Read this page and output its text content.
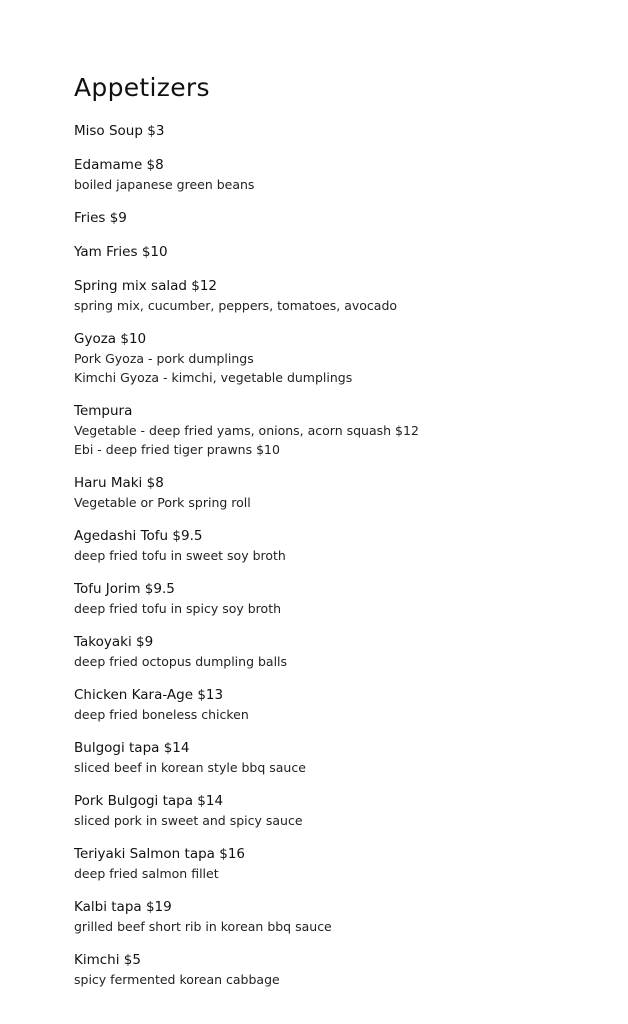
Appetizers
Miso Soup $3
Edamame $8
boiled japanese green beans
Fries $9
Yam Fries $10
Spring mix salad $12
spring mix, cucumber, peppers, tomatoes, avocado
Gyoza $10
Pork Gyoza - pork dumplings
Kimchi Gyoza - kimchi, vegetable dumplings
Tempura
Vegetable - deep fried yams, onions, acorn squash $12
Ebi - deep fried tiger prawns $10
Haru Maki $8
Vegetable or Pork spring roll
Agedashi Tofu $9.5
deep fried tofu in sweet soy broth
Tofu Jorim $9.5
deep fried tofu in spicy soy broth
Takoyaki $9
deep fried octopus dumpling balls
Chicken Kara-Age $13
deep fried boneless chicken
Bulgogi tapa $14
sliced beef in korean style bbq sauce
Pork Bulgogi tapa $14
sliced pork in sweet and spicy sauce
Teriyaki Salmon tapa $16
deep fried salmon fillet
Kalbi tapa $19
grilled beef short rib in korean bbq sauce
Kimchi $5
spicy fermented korean cabbage
